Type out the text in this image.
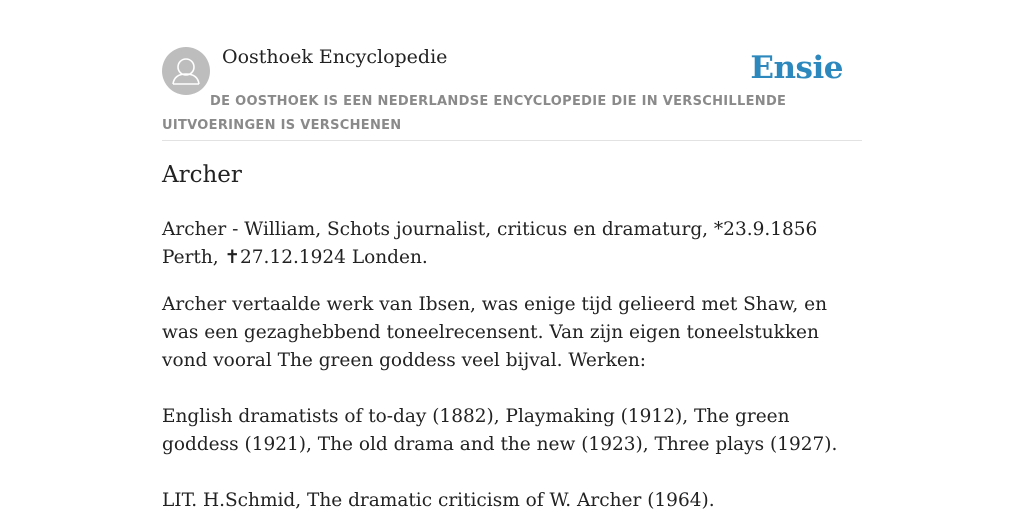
Oosthoek Encyclopedie	Ensie
DE OOSTHOEK IS EEN NEDERLANDSE ENCYCLOPEDIE DIE IN VERSCHILLENDE UITVOERINGEN IS VERSCHENEN
Archer

Archer - William, Schots journalist, criticus en dramaturg, *23.9.1856 Perth, ✝27.12.1924 Londen.

Archer vertaalde werk van Ibsen, was enige tijd gelieerd met Shaw, en was een gezaghebbend toneelrecensent. Van zijn eigen toneelstukken vond vooral The green goddess veel bijval. Werken:

English dramatists of to-day (1882), Playmaking (1912), The green goddess (1921), The old drama and the new (1923), Three plays (1927).

LIT. H.Schmid, The dramatic criticism of W. Archer (1964).
